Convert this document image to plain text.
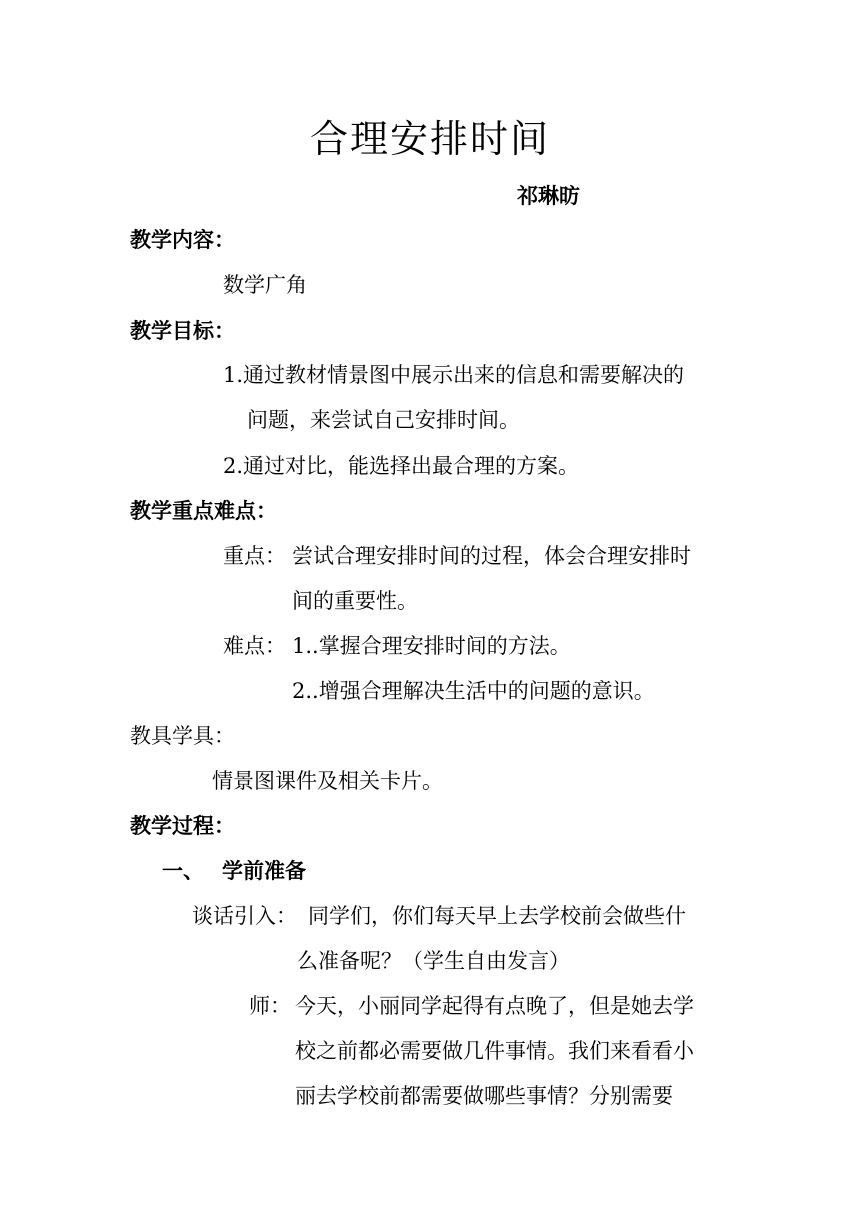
合理安排时间
祁琳昉
教学内容：
数学广角
教学目标：
1.通过教材情景图中展示出来的信息和需要解决的
问题，来尝试自己安排时间。
2.通过对比，能选择出最合理的方案。
教学重点难点：
重点： 尝试合理安排时间的过程，体会合理安排时
间的重要性。
难点： 1..掌握合理安排时间的方法。
2..增强合理解决生活中的问题的意识。
教具学具：
情景图课件及相关卡片。
教学过程：
一、 学前准备
谈话引入： 同学们，你们每天早上去学校前会做些什
么准备呢？（学生自由发言）
师： 今天，小丽同学起得有点晚了，但是她去学
校之前都必需要做几件事情。我们来看看小
丽去学校前都需要做哪些事情？分别需要
